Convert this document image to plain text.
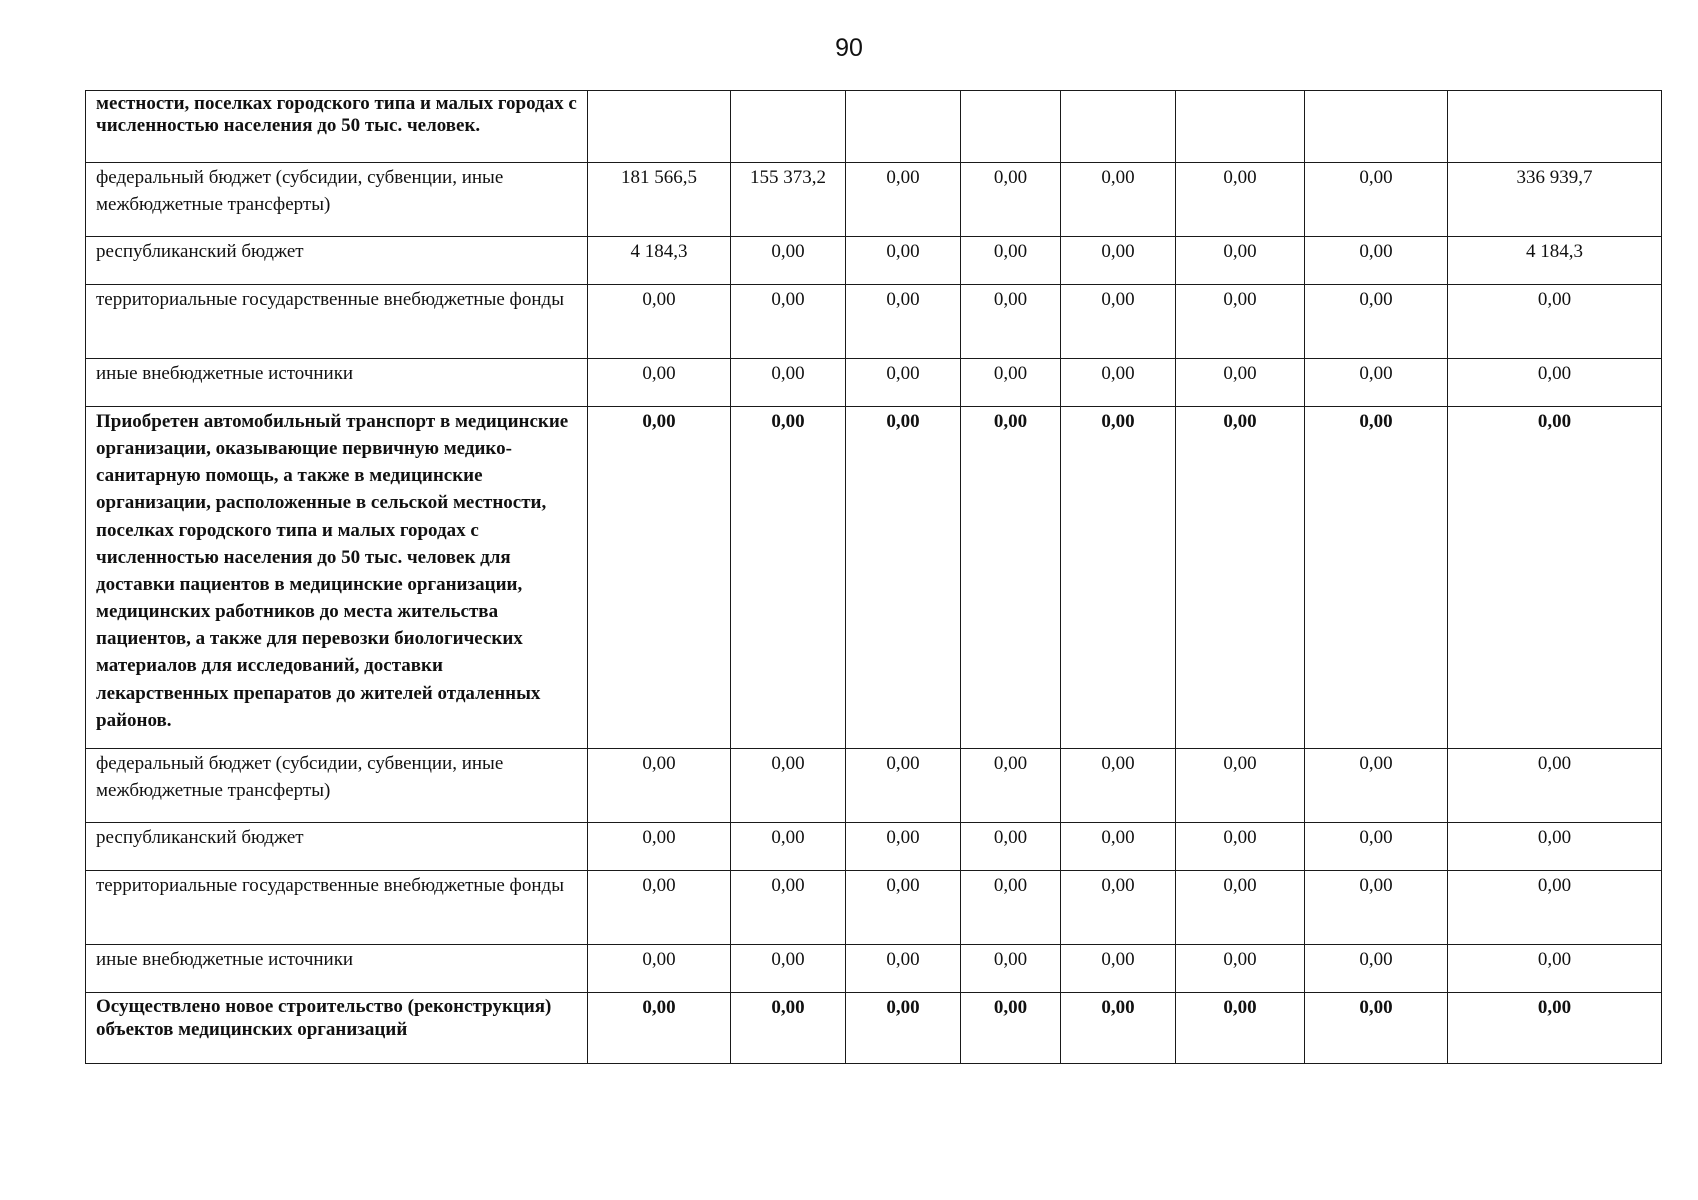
90
местности, поселках городского типа и малых городах с численностью населения до 50 тыс. человек.								
федеральный бюджет (субсидии, субвенции, иные межбюджетные трансферты)	181 566,5	155 373,2	0,00	0,00	0,00	0,00	0,00	336 939,7
республиканский бюджет	4 184,3	0,00	0,00	0,00	0,00	0,00	0,00	4 184,3
территориальные государственные внебюджетные фонды	0,00	0,00	0,00	0,00	0,00	0,00	0,00	0,00
иные внебюджетные источники	0,00	0,00	0,00	0,00	0,00	0,00	0,00	0,00
Приобретен автомобильный транспорт в медицинские организации, оказывающие первичную медико-санитарную помощь, а также в медицинские организации, расположенные в сельской местности, поселках городского типа и малых городах с численностью населения до 50 тыс. человек для доставки пациентов в медицинские организации, медицинских работников до места жительства пациентов, а также для перевозки биологических материалов для исследований, доставки лекарственных препаратов до жителей отдаленных районов.	0,00	0,00	0,00	0,00	0,00	0,00	0,00	0,00
федеральный бюджет (субсидии, субвенции, иные межбюджетные трансферты)	0,00	0,00	0,00	0,00	0,00	0,00	0,00	0,00
республиканский бюджет	0,00	0,00	0,00	0,00	0,00	0,00	0,00	0,00
территориальные государственные внебюджетные фонды	0,00	0,00	0,00	0,00	0,00	0,00	0,00	0,00
иные внебюджетные источники	0,00	0,00	0,00	0,00	0,00	0,00	0,00	0,00
Осуществлено новое строительство (реконструкция) объектов медицинских организаций	0,00	0,00	0,00	0,00	0,00	0,00	0,00	0,00
